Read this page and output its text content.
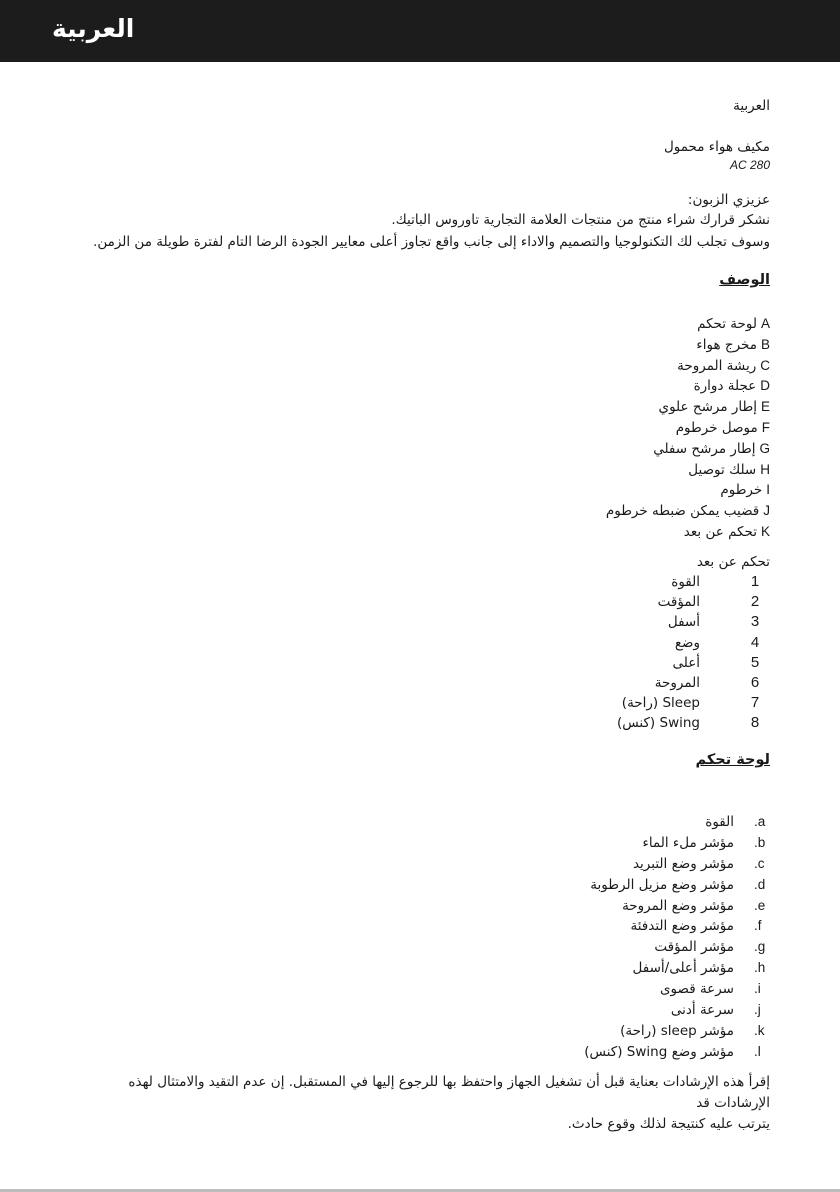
العربية
العربية
مكيف هواء محمول
AC 280
عزيزي الزبون:
نشكر قرارك شراء منتج من منتجات العلامة التجارية تاوروس الباتيك.
وسوف تجلب لك التكنولوجيا والتصميم والاداء إلى جانب واقع تجاوز أعلى معايير الجودة الرضا التام لفترة طويلة من الزمن.
الوصف
Aلوحة تحكم
Bمخرج هواء
Cريشة المروحة
Dعجلة دوارة
Eإطار مرشح علوي
Fموصل خرطوم
Gإطار مرشح سفلي
Hسلك توصيل
Iخرطوم
Jقضيب يمكن ضبطه خرطوم
Kتحكم عن بعد
تحكم عن بعد
1القوة
2المؤقت
3أسفل
4وضع
5أعلى
6المروحة
7Sleep (راحة)
8Swing (كنس)
لوحة تحكم
a.القوة
b.مؤشر ملء الماء
c.مؤشر وضع التبريد
d.مؤشر وضع مزيل الرطوبة
e.مؤشر وضع المروحة
f.مؤشر وضع التدفئة
g.مؤشر المؤقت
h.مؤشر أعلى/أسفل
i.سرعة قصوى
j.سرعة أدنى
k.مؤشر sleep (راحة)
l.مؤشر وضع Swing (كنس)
إقرأ هذه الإرشادات بعناية قبل أن تشغيل الجهاز واحتفظ بها للرجوع إليها في المستقبل. إن عدم التقيد والامتثال لهذه الإرشادات قد
يترتب عليه كنتيجة لذلك وقوع حادث.
